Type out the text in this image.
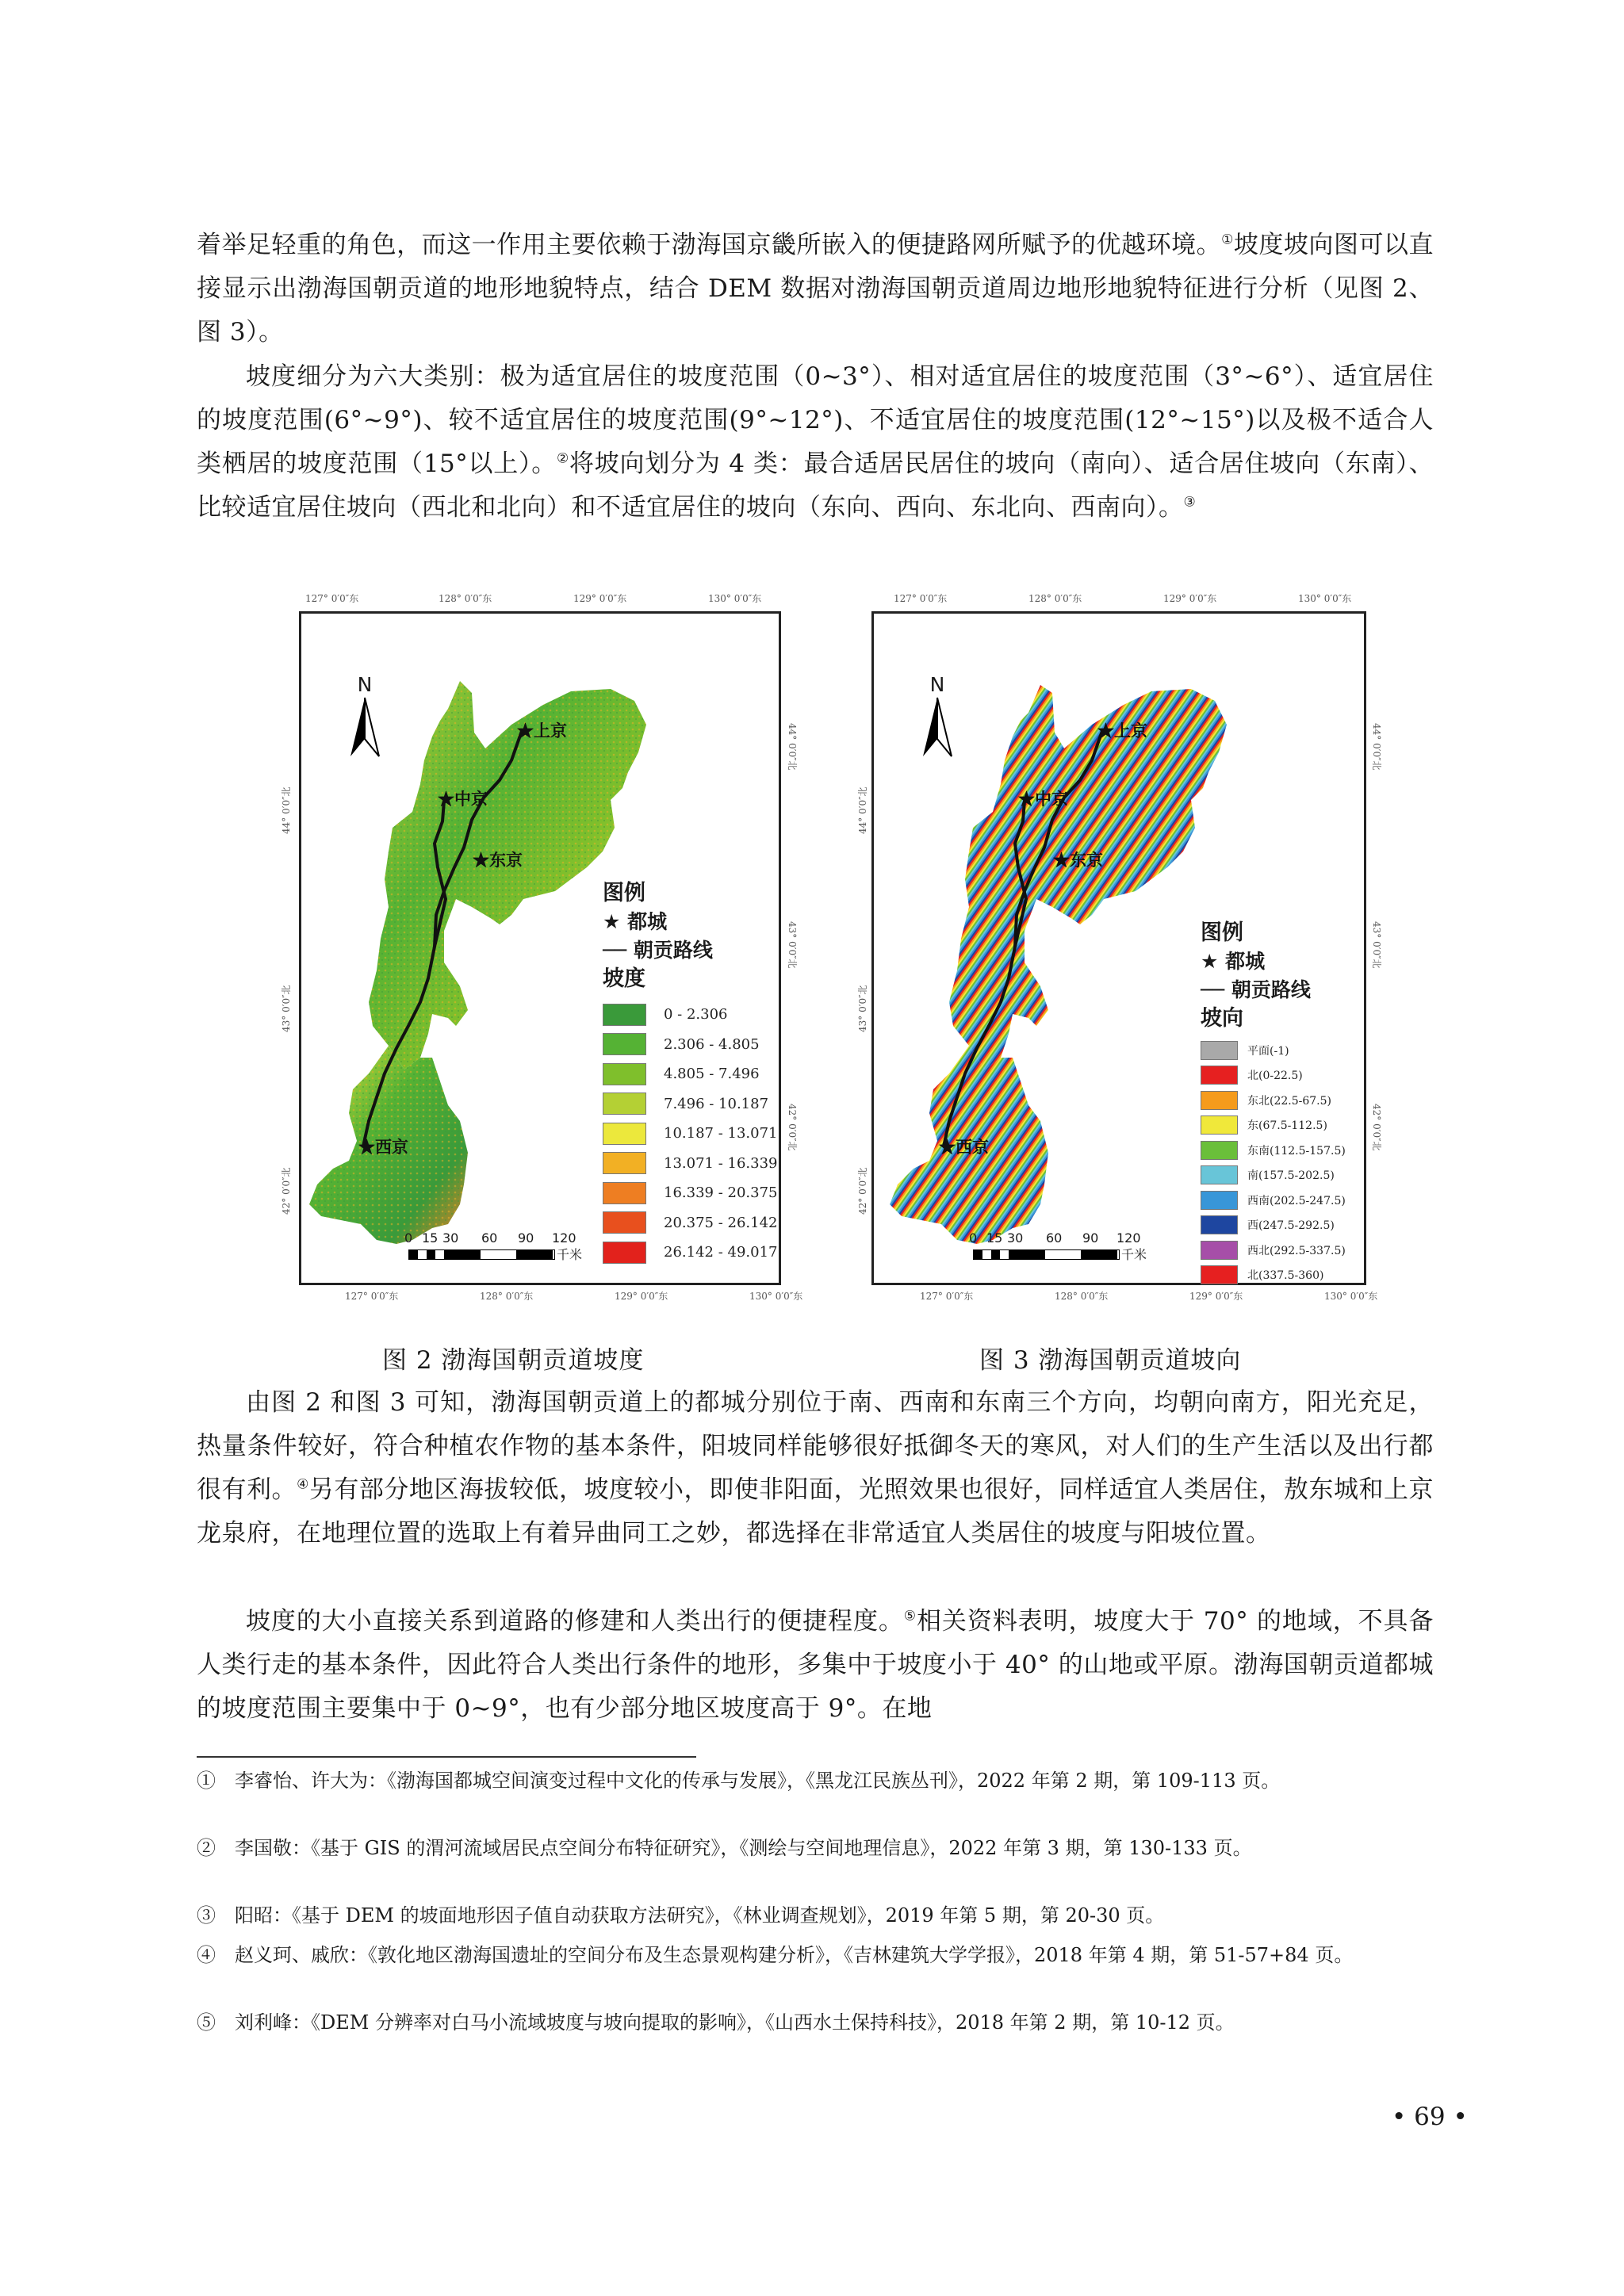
着举足轻重的角色，而这一作用主要依赖于渤海国京畿所嵌入的便捷路网所赋予的优越环境。①坡度坡向图可以直接显示出渤海国朝贡道的地形地貌特点，结合 DEM 数据对渤海国朝贡道周边地形地貌特征进行分析（见图 2、图 3）。
坡度细分为六大类别：极为适宜居住的坡度范围（0~3°）、相对适宜居住的坡度范围（3°~6°）、适宜居住的坡度范围(6°~9°)、较不适宜居住的坡度范围(9°~12°)、不适宜居住的坡度范围(12°~15°)以及极不适合人类栖居的坡度范围（15°以上）。②将坡向划分为 4 类：最合适居民居住的坡向（南向）、适合居住坡向（东南）、比较适宜居住坡向（西北和北向）和不适宜居住的坡向（东向、西向、东北向、西南向）。③
127° 0′0″东	128° 0′0″东	129° 0′0″东	130° 0′0″东
★上京
★中京
★东京
★西京
N
图例
★ 都城
── 朝贡路线
坡度
0 - 2.306
2.306 - 4.805
4.805 - 7.496
7.496 - 10.187
10.187 - 13.071
13.071 - 16.339
16.339 - 20.375
20.375 - 26.142
26.142 - 49.017
0 15 30 60 90 120
千米
44° 0′0″北
43° 0′0″北
42° 0′0″北
44° 0′0″北
43° 0′0″北
42° 0′0″北
127° 0′0″东	128° 0′0″东	129° 0′0″东	130° 0′0″东
127° 0′0″东	128° 0′0″东	129° 0′0″东	130° 0′0″东
★上京
★中京
★东京
★西京
N
图例
★ 都城
── 朝贡路线
坡向
平面(-1)
北(0-22.5)
东北(22.5-67.5)
东(67.5-112.5)
东南(112.5-157.5)
南(157.5-202.5)
西南(202.5-247.5)
西(247.5-292.5)
西北(292.5-337.5)
北(337.5-360)
0 15 30 60 90 120
千米
44° 0′0″北
43° 0′0″北
42° 0′0″北
44° 0′0″北
43° 0′0″北
42° 0′0″北
127° 0′0″东	128° 0′0″东	129° 0′0″东	130° 0′0″东
图 2 渤海国朝贡道坡度	图 3 渤海国朝贡道坡向
由图 2 和图 3 可知，渤海国朝贡道上的都城分别位于南、西南和东南三个方向，均朝向南方，阳光充足，热量条件较好，符合种植农作物的基本条件，阳坡同样能够很好抵御冬天的寒风，对人们的生产生活以及出行都很有利。④另有部分地区海拔较低，坡度较小，即使非阳面，光照效果也很好，同样适宜人类居住，敖东城和上京龙泉府，在地理位置的选取上有着异曲同工之妙，都选择在非常适宜人类居住的坡度与阳坡位置。
坡度的大小直接关系到道路的修建和人类出行的便捷程度。⑤相关资料表明，坡度大于 70° 的地域，不具备人类行走的基本条件，因此符合人类出行条件的地形，多集中于坡度小于 40° 的山地或平原。渤海国朝贡道都城的坡度范围主要集中于 0~9°，也有少部分地区坡度高于 9°。在地
①　李睿怡、许大为：《渤海国都城空间演变过程中文化的传承与发展》，《黑龙江民族丛刊》，2022 年第 2 期，第 109-113 页。
②　李国敬：《基于 GIS 的渭河流域居民点空间分布特征研究》，《测绘与空间地理信息》，2022 年第 3 期，第 130-133 页。
③　阳昭：《基于 DEM 的坡面地形因子值自动获取方法研究》，《林业调查规划》，2019 年第 5 期，第 20-30 页。
④　赵义珂、戚欣：《敦化地区渤海国遗址的空间分布及生态景观构建分析》，《吉林建筑大学学报》，2018 年第 4 期，第 51-57+84 页。
⑤　刘利峰：《DEM 分辨率对白马小流域坡度与坡向提取的影响》，《山西水土保持科技》，2018 年第 2 期，第 10-12 页。
• 69 •
